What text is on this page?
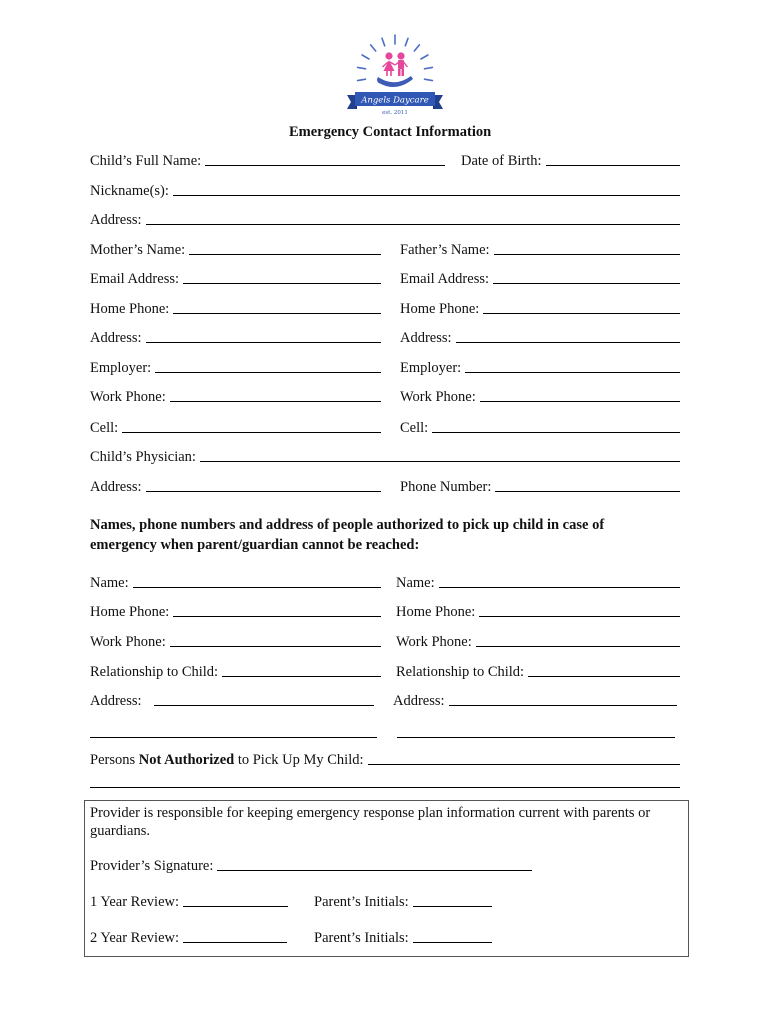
Angels Daycare
est. 2011
Emergency Contact Information
Child’s Full Name:	Date of Birth:
Nickname(s):
Address:
Mother’s Name:	Father’s Name:
Email Address:	Email Address:
Home Phone:	Home Phone:
Address:	Address:
Employer:	Employer:
Work Phone:	Work Phone:
Cell:	Cell:
Child’s Physician:
Address:	Phone Number:
Names, phone numbers and address of people authorized to pick up child in case of
emergency when parent/guardian cannot be reached:
Name:	Name:
Home Phone:	Home Phone:
Work Phone:	Work Phone:
Relationship to Child:	Relationship to Child:
Address:	Address:
Persons Not Authorized to Pick Up My Child:
Provider is responsible for keeping emergency response plan information current with parents or
guardians.
Provider’s Signature:
1 Year Review:	Parent’s Initials:
2 Year Review:	Parent’s Initials:
